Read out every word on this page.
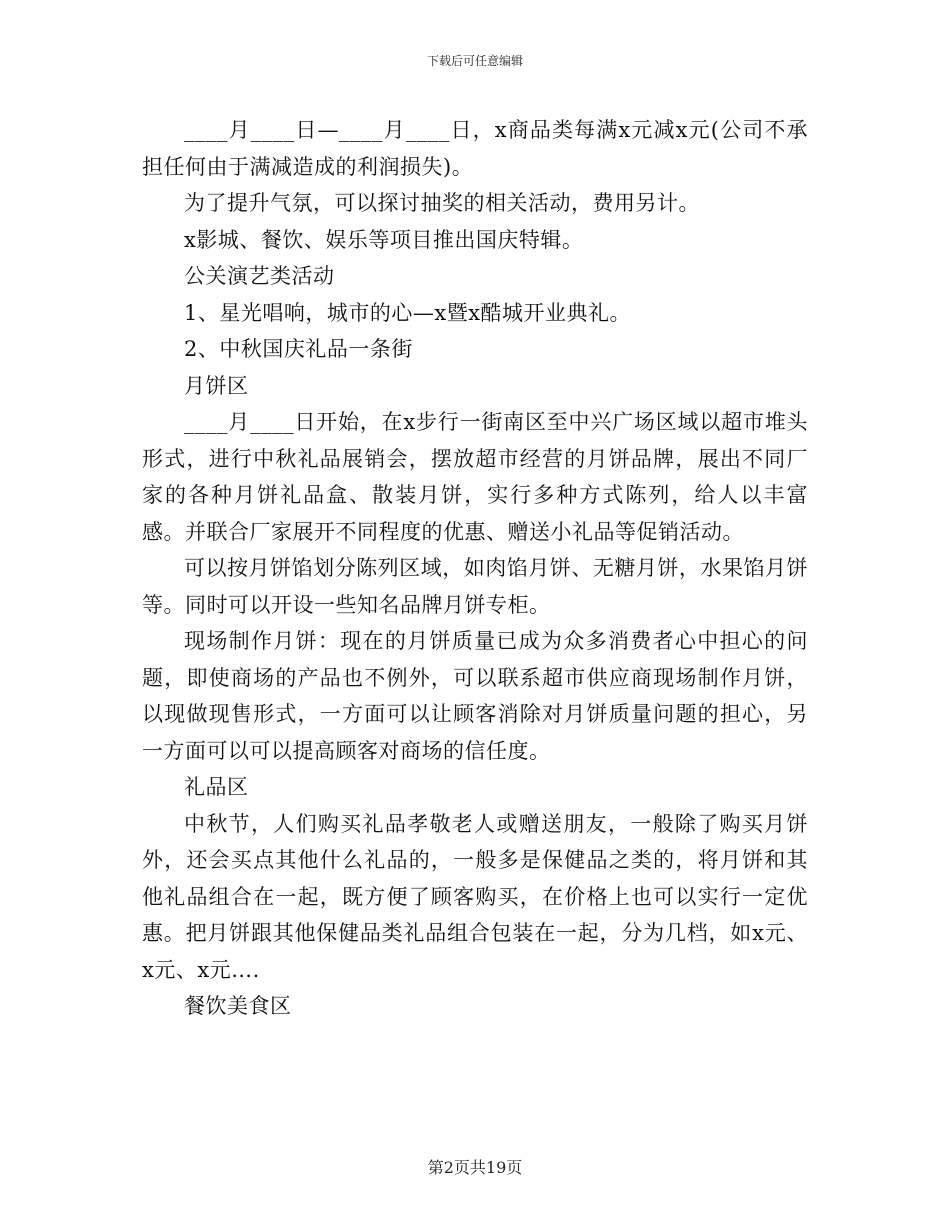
下载后可任意编辑

____月____日—____月____日，x商品类每满x元减x元(公司不承担任何由于满减造成的利润损失)。

为了提升气氛，可以探讨抽奖的相关活动，费用另计。

x影城、餐饮、娱乐等项目推出国庆特辑。

公关演艺类活动

1、星光唱响，城市的心—x暨x酷城开业典礼。

2、中秋国庆礼品一条街

月饼区

____月____日开始，在x步行一街南区至中兴广场区域以超市堆头形式，进行中秋礼品展销会，摆放超市经营的月饼品牌，展出不同厂家的各种月饼礼品盒、散装月饼，实行多种方式陈列，给人以丰富感。并联合厂家展开不同程度的优惠、赠送小礼品等促销活动。

可以按月饼馅划分陈列区域，如肉馅月饼、无糖月饼，水果馅月饼等。同时可以开设一些知名品牌月饼专柜。

现场制作月饼：现在的月饼质量已成为众多消费者心中担心的问题，即使商场的产品也不例外，可以联系超市供应商现场制作月饼，以现做现售形式，一方面可以让顾客消除对月饼质量问题的担心，另一方面可以可以提高顾客对商场的信任度。

礼品区

中秋节，人们购买礼品孝敬老人或赠送朋友，一般除了购买月饼外，还会买点其他什么礼品的，一般多是保健品之类的，将月饼和其他礼品组合在一起，既方便了顾客购买，在价格上也可以实行一定优惠。把月饼跟其他保健品类礼品组合包装在一起，分为几档，如x元、x元、x元….

餐饮美食区

第2页共19页
